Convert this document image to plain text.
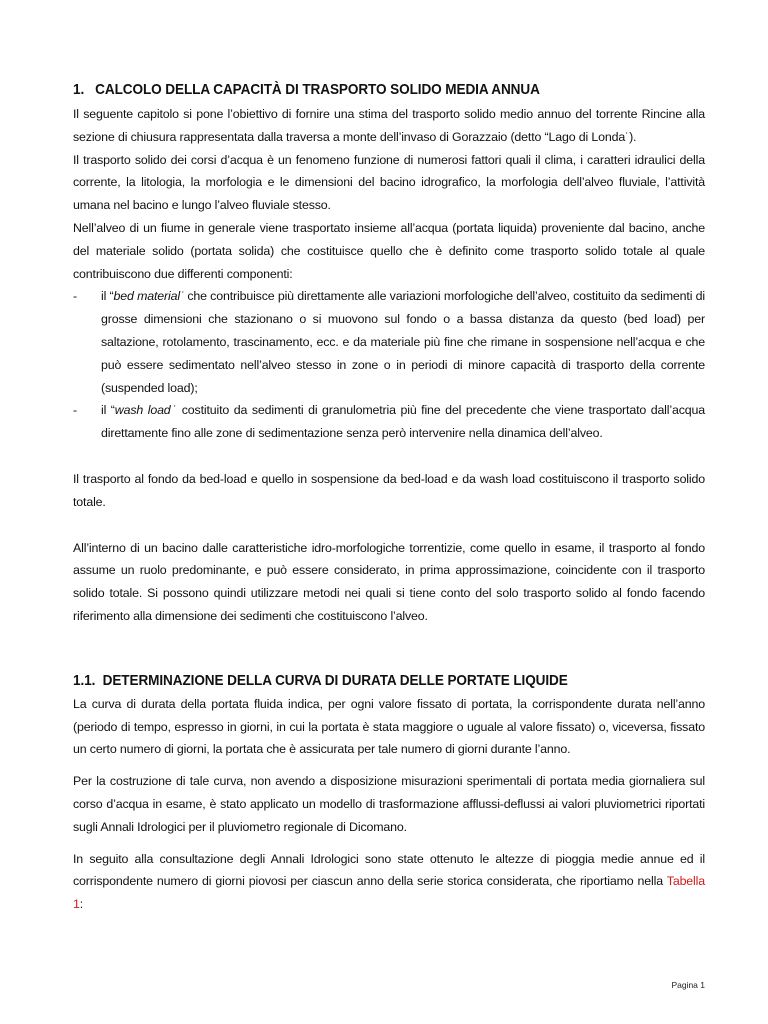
1.   CALCOLO DELLA CAPACITÀ DI TRASPORTO SOLIDO MEDIA ANNUA

Il seguente capitolo si pone l’obiettivo di fornire una stima del trasporto solido medio annuo del torrente Rincine alla sezione di chiusura rappresentata dalla traversa a monte dell’invaso di Gorazzaio (detto “Lago di Londa˙).

Il trasporto solido dei corsi d’acqua è un fenomeno funzione di numerosi fattori quali il clima, i caratteri idraulici della corrente, la litologia, la morfologia e le dimensioni del bacino idrografico, la morfologia dell’alveo fluviale, l’attività umana nel bacino e lungo l’alveo fluviale stesso.

Nell’alveo di un fiume in generale viene trasportato insieme all’acqua (portata liquida) proveniente dal bacino, anche del materiale solido (portata solida) che costituisce quello che è definito come trasporto solido totale al quale contribuiscono due differenti componenti:

- il “bed material˙ che contribuisce più direttamente alle variazioni morfologiche dell’alveo, costituito da sedimenti di grosse dimensioni che stazionano o si muovono sul fondo o a bassa distanza da questo (bed load) per saltazione, rotolamento, trascinamento, ecc. e da materiale più fine che rimane in sospensione nell’acqua e che può essere sedimentato nell’alveo stesso in zone o in periodi di minore capacità di trasporto della corrente (suspended load);
- il “wash load˙ costituito da sedimenti di granulometria più fine del precedente che viene trasportato dall’acqua direttamente fino alle zone di sedimentazione senza però intervenire nella dinamica dell’alveo.

Il trasporto al fondo da bed-load e quello in sospensione da bed-load e da wash load costituiscono il trasporto solido totale.

All’interno di un bacino dalle caratteristiche idro-morfologiche torrentizie, come quello in esame, il trasporto al fondo assume un ruolo predominante, e può essere considerato, in prima approssimazione, coincidente con il trasporto solido totale. Si possono quindi utilizzare metodi nei quali si tiene conto del solo trasporto solido al fondo facendo riferimento alla dimensione dei sedimenti che costituiscono l’alveo.

1.1.  DETERMINAZIONE DELLA CURVA DI DURATA DELLE PORTATE LIQUIDE

La curva di durata della portata fluida indica, per ogni valore fissato di portata, la corrispondente durata nell’anno (periodo di tempo, espresso in giorni, in cui la portata è stata maggiore o uguale al valore fissato) o, viceversa, fissato un certo numero di giorni, la portata che è assicurata per tale numero di giorni durante l’anno.

Per la costruzione di tale curva, non avendo a disposizione misurazioni sperimentali di portata media giornaliera sul corso d’acqua in esame, è stato applicato un modello di trasformazione afflussi-deflussi ai valori pluviometrici riportati sugli Annali Idrologici per il pluviometro regionale di Dicomano.

In seguito alla consultazione degli Annali Idrologici sono state ottenuto le altezze di pioggia medie annue ed il corrispondente numero di giorni piovosi per ciascun anno della serie storica considerata, che riportiamo nella Tabella 1:

Pagina 1
